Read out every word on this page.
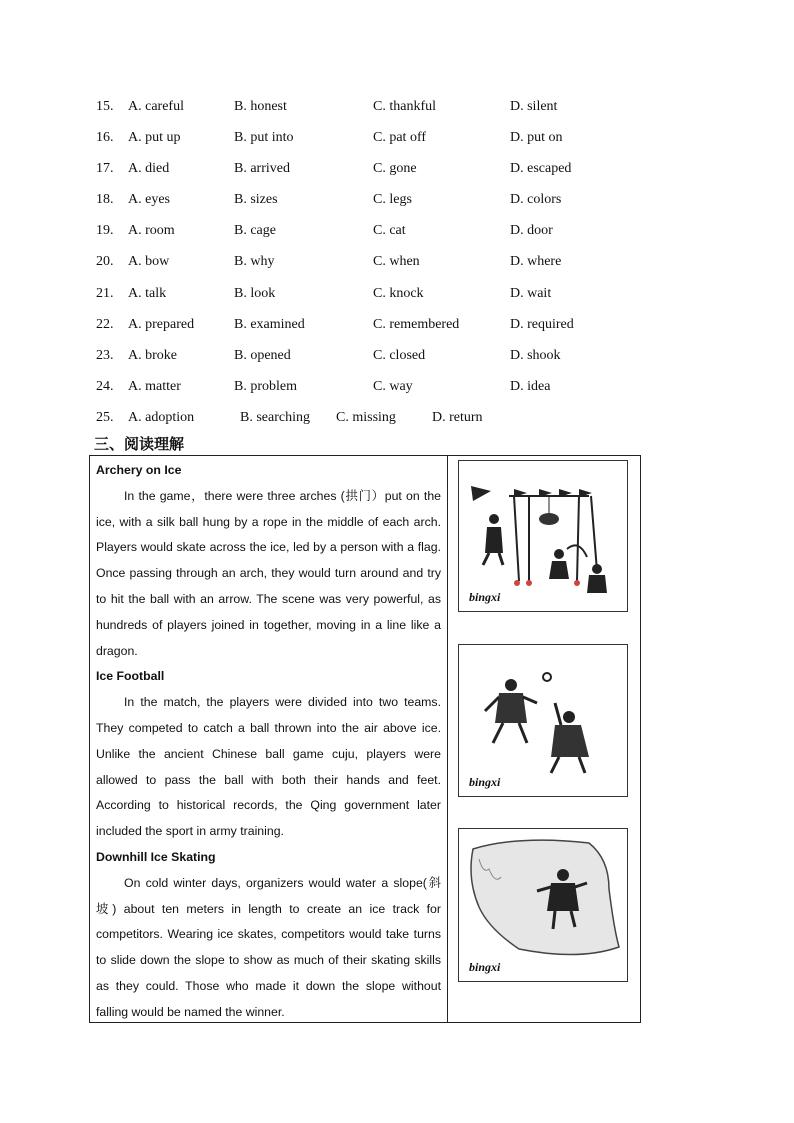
15. A. careful	B. honest	C. thankful	D. silent
16. A. put up	B. put into	C. pat off	D. put on
17. A. died	B. arrived	C. gone	D. escaped
18. A. eyes	B. sizes	C. legs	D. colors
19. A. room	B. cage	C. cat	D. door
20. A. bow	B. why	C. when	D. where
21. A. talk	B. look	C. knock	D. wait
22. A. prepared	B. examined	C. remembered	D. required
23. A. broke	B. opened	C. closed	D. shook
24. A. matter	B. problem	C. way	D. idea
25. A. adoption	B. searching C. missing	D. return
三、阅读理解
Archery on Ice

In the game，there were three arches (拱门）put on the ice, with a silk ball hung by a rope in the middle of each arch. Players would skate across the ice, led by a person with a flag. Once passing through an arch, they would turn around and try to hit the ball with an arrow. The scene was very powerful, as hundreds of players joined in together, moving in a line like a dragon.

Ice Football

In the match, the players were divided into two teams. They competed to catch a ball thrown into the air above ice. Unlike the ancient Chinese ball game cuju, players were allowed to pass the ball with both their hands and feet. According to historical records, the Qing government later included the sport in army training.

Downhill Ice Skating

On cold winter days, organizers would water a slope(斜坡) about ten meters in length to create an ice track for competitors. Wearing ice skates, competitors would take turns to slide down the slope to show as much of their skating skills as they could. Those who made it down the slope without falling would be named the winner.

bingxi
bingxi
bingxi
